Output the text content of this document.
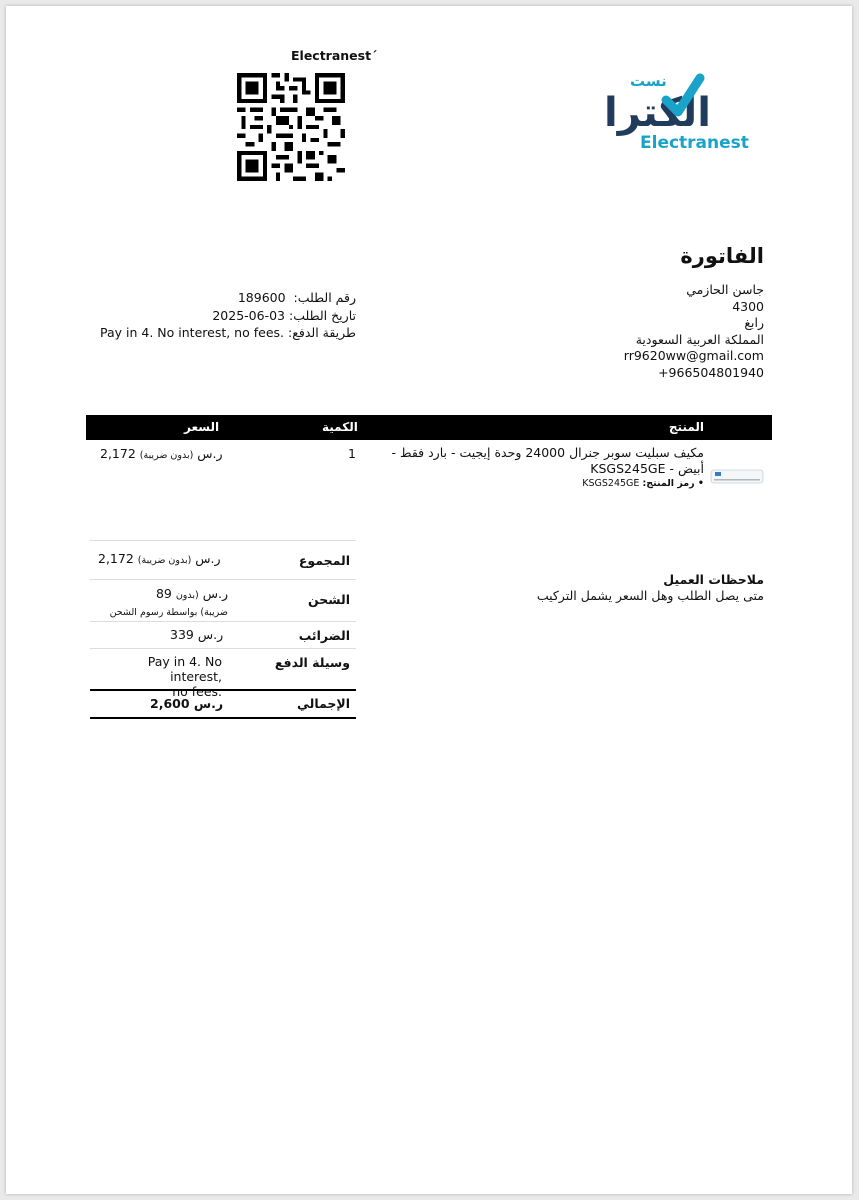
Electranest´
نست
الكترا
Electranest
الفاتورة
جاسن الحازمي
4300
رابغ
المملكة العربية السعودية
rr9620ww@gmail.com
+966504801940
رقم الطلب:  189600
تاريخ الطلب: 2025-06-03
طريقة الدفع: Pay in 4. No interest, no fees.
المنتج
الكمية
السعر
مكيف سبليت سوبر جنرال 24000 وحدة إيجيت - بارد فقط - أبيض - KSGS245GE
• رمز المنتج: KSGS245GE
1
2,172 ر.س (بدون ضريبة)
المجموع
2,172 ر.س (بدون ضريبة)
الشحن
89 ر.س (بدون
ضريبة) بواسطة رسوم الشحن
الضرائب
339 ر.س
وسيلة الدفع
Pay in 4. No interest,
no fees.
الإجمالي
2,600 ر.س
ملاحظات العميل
متى يصل الطلب وهل السعر يشمل التركيب
